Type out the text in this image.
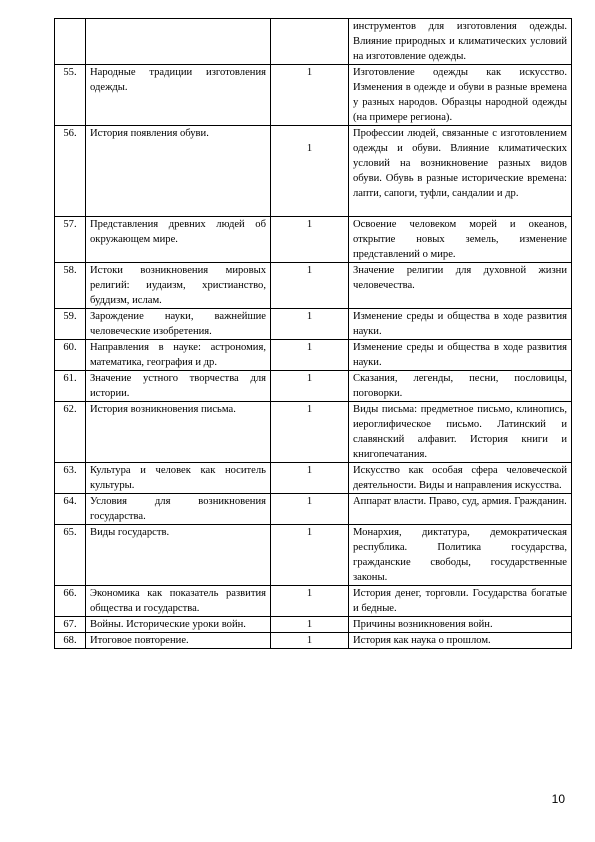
			инструментов для изготовления одежды. Влияние природных и климатических условий на изготовление одежды.
55.	Народные традиции изготовления одежды.	1	Изготовление одежды как искусство. Изменения в одежде и обуви в разные времена у разных народов. Образцы народной одежды (на примере региона).
56.	История появления обуви.	1	Профессии людей, связанные с изготовлением одежды и обуви. Влияние климатических условий на возникновение разных видов обуви. Обувь в разные исторические времена: лапти, сапоги, туфли, сандалии и др.
57.	Представления древних людей об окружающем мире.	1	Освоение человеком морей и океанов, открытие новых земель, изменение представлений о мире.
58.	Истоки возникновения мировых религий: иудаизм, христианство, буддизм, ислам.	1	Значение религии для духовной жизни человечества.
59.	Зарождение науки, важнейшие человеческие изобретения.	1	Изменение среды и общества в ходе развития науки.
60.	Направления в науке: астрономия, математика, география и др.	1	Изменение среды и общества в ходе развития науки.
61.	Значение устного творчества для истории.	1	Сказания, легенды, песни, пословицы, поговорки.
62.	История возникновения письма.	1	Виды письма: предметное письмо, клинопись, иероглифическое письмо. Латинский и славянский алфавит. История книги и книгопечатания.
63.	Культура и человек как носитель культуры.	1	Искусство как особая сфера человеческой деятельности. Виды и направления искусства.
64.	Условия для возникновения государства.	1	Аппарат власти. Право, суд, армия. Гражданин.
65.	Виды государств.	1	Монархия, диктатура, демократическая республика. Политика государства, гражданские свободы, государственные законы.
66.	Экономика как показатель развития общества и государства.	1	История денег, торговли. Государства богатые и бедные.
67.	Войны. Исторические уроки войн.	1	Причины возникновения войн.
68.	Итоговое повторение.	1	История как наука о прошлом.
10
